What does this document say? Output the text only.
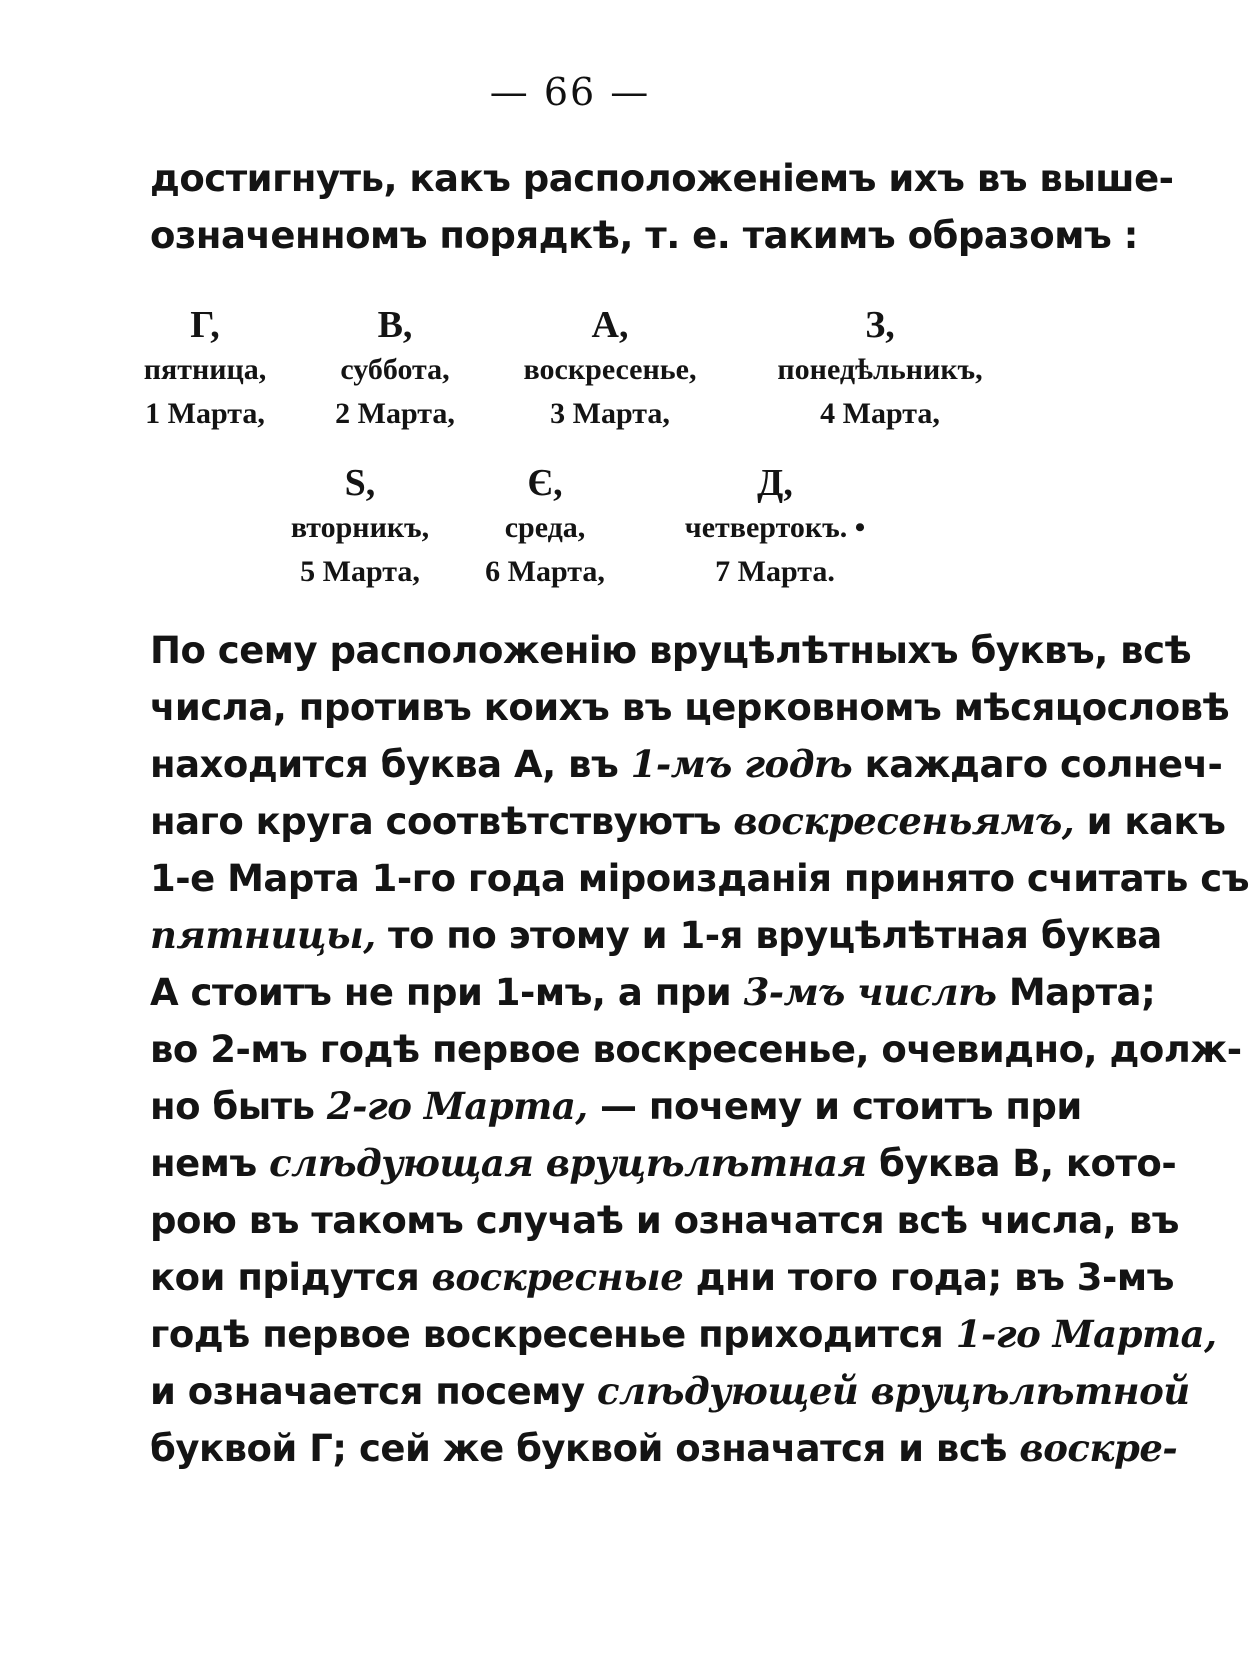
— 66 —
достигнуть, какъ расположеніемъ ихъ въ выше-
означенномъ порядкѣ, т. е. такимъ образомъ :
Г,
пятница,
1 Марта,
В,
суббота,
2 Марта,
А,
воскресенье,
3 Марта,
З,
понедѣльникъ,
4 Марта,
Ѕ,
вторникъ,
5 Марта,
Є,
среда,
6 Марта,
Д,
четвертокъ. •
7 Марта.
По сему расположенію вруцѣлѣтныхъ буквъ, всѣ
числа, противъ коихъ въ церковномъ мѣсяцословѣ
находится буква А, въ 1-мъ годѣ каждаго солнеч-
наго круга соотвѣтствуютъ воскресеньямъ, и какъ
1-е Марта 1-го года міроизданія принято считать съ
пятницы, то по этому и 1-я вруцѣлѣтная буква
А стоитъ не при 1-мъ, а при 3-мъ числѣ Марта;
во 2-мъ годѣ первое воскресенье, очевидно, долж-
но быть 2-го Марта, — почему и стоитъ при
немъ слѣдующая вруцѣлѣтная буква В, кото-
рою въ такомъ случаѣ и означатся всѣ числа, въ
кои прідутся воскресные дни того года; въ 3-мъ
годѣ первое воскресенье приходится 1-го Марта,
и означается посему слѣдующей вруцѣлѣтной
буквой Г; сей же буквой означатся и всѣ воскре-
